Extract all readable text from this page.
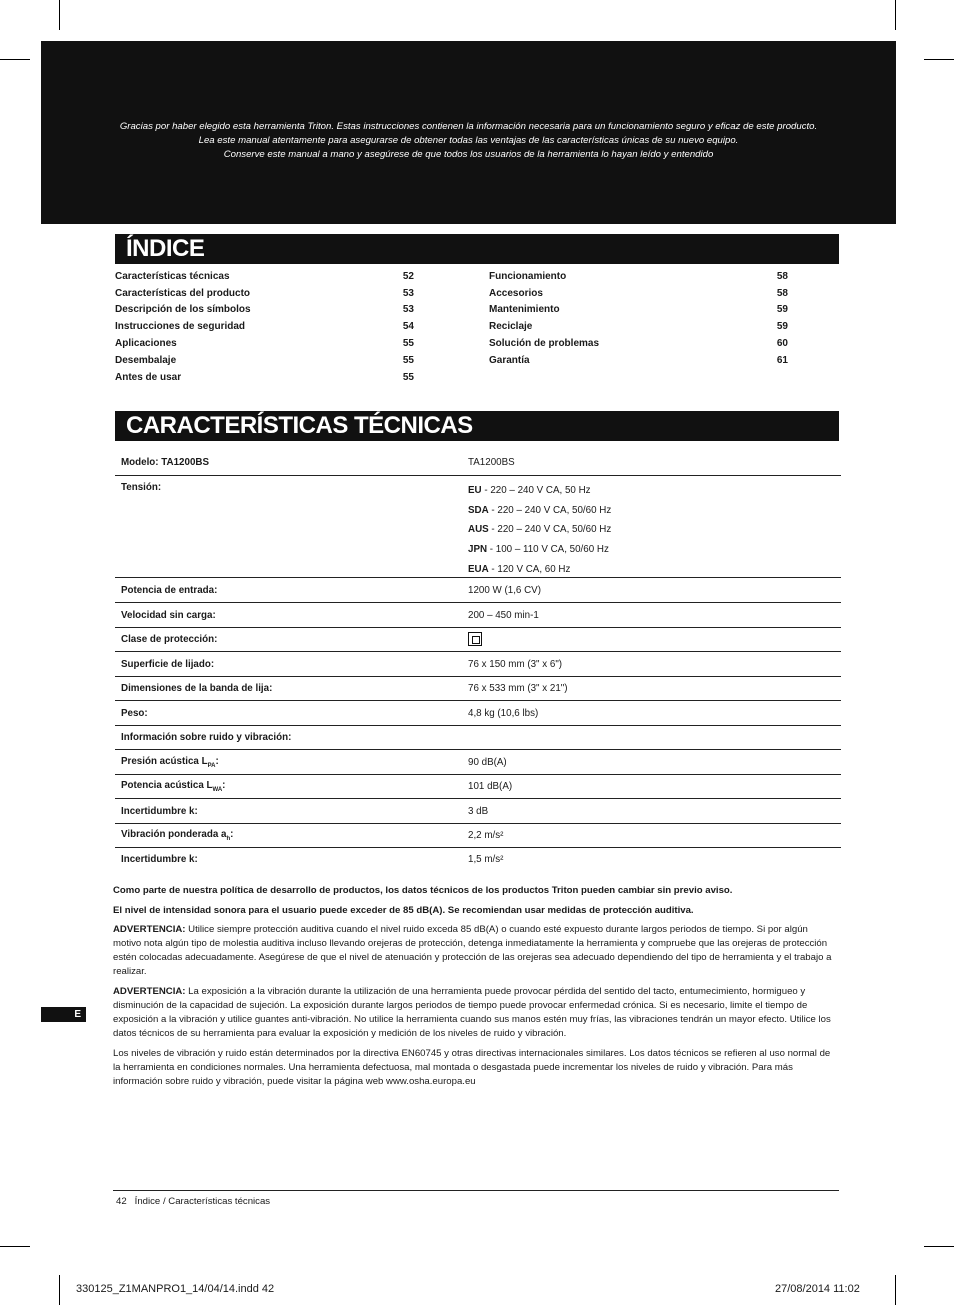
Gracias por haber elegido esta herramienta Triton. Estas instrucciones contienen la información necesaria para un funcionamiento seguro y eficaz de este producto.
Lea este manual atentamente para asegurarse de obtener todas las ventajas de las características únicas de su nuevo equipo.
Conserve este manual a mano y asegúrese de que todos los usuarios de la herramienta lo hayan leído y entendido
ÍNDICE
Características técnicas	52
Características del producto	53
Descripción de los símbolos	53
Instrucciones de seguridad	54
Aplicaciones	55
Desembalaje	55
Antes de usar	55
Funcionamiento	58
Accesorios	58
Mantenimiento	59
Reciclaje	59
Solución de problemas	60
Garantía	61
CARACTERÍSTICAS TÉCNICAS
Modelo: TA1200BS	TA1200BS
Tensión:	EU - 220 – 240 V CA, 50 Hz
SDA - 220 – 240 V CA, 50/60 Hz
AUS - 220 – 240 V CA, 50/60 Hz
JPN - 100 – 110 V CA, 50/60 Hz
EUA - 120 V CA, 60 Hz
Potencia de entrada:	1200 W (1,6 CV)
Velocidad sin carga:	200 – 450 min-1
Clase de protección:
Superficie de lijado:	76 x 150 mm (3" x 6")
Dimensiones de la banda de lija:	76 x 533 mm (3" x 21")
Peso:	4,8 kg (10,6 lbs)
Información sobre ruido y vibración:
Presión acústica $L_{PA}$:	90 dB(A)
Potencia acústica $L_{WA}$:	101 dB(A)
Incertidumbre k:	3 dB
Vibración ponderada $a_h$:	2,2 m/s²
Incertidumbre k:	1,5 m/s²
Como parte de nuestra política de desarrollo de productos, los datos técnicos de los productos Triton pueden cambiar sin previo aviso.
El nivel de intensidad sonora para el usuario puede exceder de 85 dB(A). Se recomiendan usar medidas de protección auditiva.
ADVERTENCIA: Utilice siempre protección auditiva cuando el nivel ruido exceda 85 dB(A) o cuando esté expuesto durante largos periodos de tiempo. Si por algún motivo nota algún tipo de molestia auditiva incluso llevando orejeras de protección, detenga inmediatamente la herramienta y compruebe que las orejeras de protección estén colocadas adecuadamente. Asegúrese de que el nivel de atenuación y protección de las orejeras sea adecuado dependiendo del tipo de herramienta y el trabajo a realizar.
ADVERTENCIA: La exposición a la vibración durante la utilización de una herramienta puede provocar pérdida del sentido del tacto, entumecimiento, hormigueo y disminución de la capacidad de sujeción. La exposición durante largos periodos de tiempo puede provocar enfermedad crónica. Si es necesario, limite el tiempo de exposición a la vibración y utilice guantes anti-vibración. No utilice la herramienta cuando sus manos estén muy frías, las vibraciones tendrán un mayor efecto. Utilice los datos técnicos de su herramienta para evaluar la exposición y medición de los niveles de ruido y vibración.
Los niveles de vibración y ruido están determinados por la directiva EN60745 y otras directivas internacionales similares. Los datos técnicos se refieren al uso normal de la herramienta en condiciones normales. Una herramienta defectuosa, mal montada o desgastada puede incrementar los niveles de ruido y vibración. Para más información sobre ruido y vibración, puede visitar la página web www.osha.europa.eu
E
42 Índice / Características técnicas
330125_Z1MANPRO1_14/04/14.indd 42	27/08/2014 11:02
